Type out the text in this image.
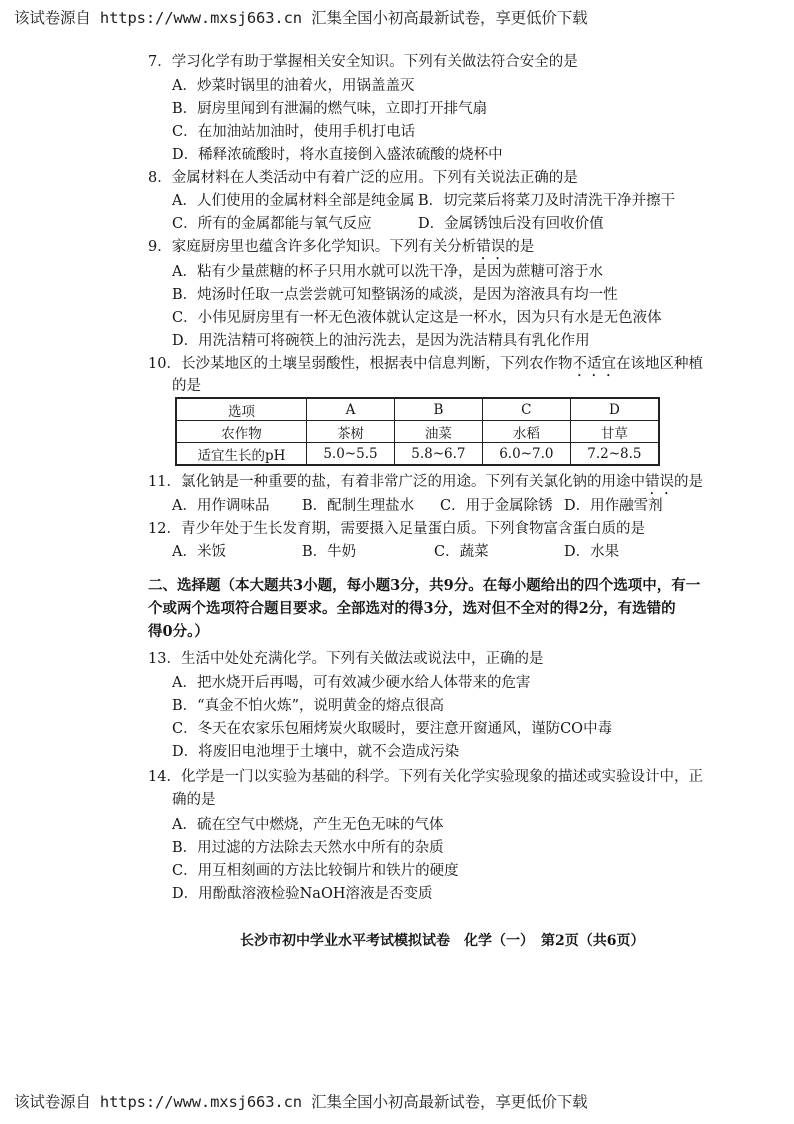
该试卷源自 https://www.mxsj663.cn 汇集全国小初高最新试卷，享更低价下载
7．学习化学有助于掌握相关安全知识。下列有关做法符合安全的是
A．炒菜时锅里的油着火，用锅盖盖灭
B．厨房里闻到有泄漏的燃气味，立即打开排气扇
C．在加油站加油时，使用手机打电话
D．稀释浓硫酸时，将水直接倒入盛浓硫酸的烧杯中
8．金属材料在人类活动中有着广泛的应用。下列有关说法正确的是
A．人们使用的金属材料全部是纯金属 B．切完菜后将菜刀及时清洗干净并擦干
C．所有的金属都能与氧气反应	D．金属锈蚀后没有回收价值
9．家庭厨房里也蕴含许多化学知识。下列有关分析错误的是
A．粘有少量蔗糖的杯子只用水就可以洗干净，是因为蔗糖可溶于水
B．炖汤时任取一点尝尝就可知整锅汤的咸淡，是因为溶液具有均一性
C．小伟见厨房里有一杯无色液体就认定这是一杯水，因为只有水是无色液体
D．用洗洁精可将碗筷上的油污洗去，是因为洗洁精具有乳化作用
10．长沙某地区的土壤呈弱酸性，根据表中信息判断，下列农作物不适宜在该地区种植
的是
选项	A	B	C	D
农作物	茶树	油菜	水稻	甘草
适宜生长的pH	5.0~5.5	5.8~6.7	6.0~7.0	7.2~8.5
11．氯化钠是一种重要的盐，有着非常广泛的用途。下列有关氯化钠的用途中错误的是
A．用作调味品 B．配制生理盐水 C．用于金属除锈 D．用作融雪剂
12．青少年处于生长发育期，需要摄入足量蛋白质。下列食物富含蛋白质的是
A．米饭	B．牛奶	C．蔬菜	D．水果
二、选择题（本大题共3小题，每小题3分，共9分。在每小题给出的四个选项中，有一
个或两个选项符合题目要求。全部选对的得3分，选对但不全对的得2分，有选错的
得0分。）
13．生活中处处充满化学。下列有关做法或说法中，正确的是
A．把水烧开后再喝，可有效减少硬水给人体带来的危害
B．“真金不怕火炼”，说明黄金的熔点很高
C．冬天在农家乐包厢烤炭火取暖时，要注意开窗通风，谨防CO中毒
D．将废旧电池埋于土壤中，就不会造成污染
14．化学是一门以实验为基础的科学。下列有关化学实验现象的描述或实验设计中，正
确的是
A．硫在空气中燃烧，产生无色无味的气体
B．用过滤的方法除去天然水中所有的杂质
C．用互相刻画的方法比较铜片和铁片的硬度
D．用酚酞溶液检验NaOH溶液是否变质
长沙市初中学业水平考试模拟试卷　化学（一）　第2页（共6页）
该试卷源自 https://www.mxsj663.cn 汇集全国小初高最新试卷，享更低价下载
